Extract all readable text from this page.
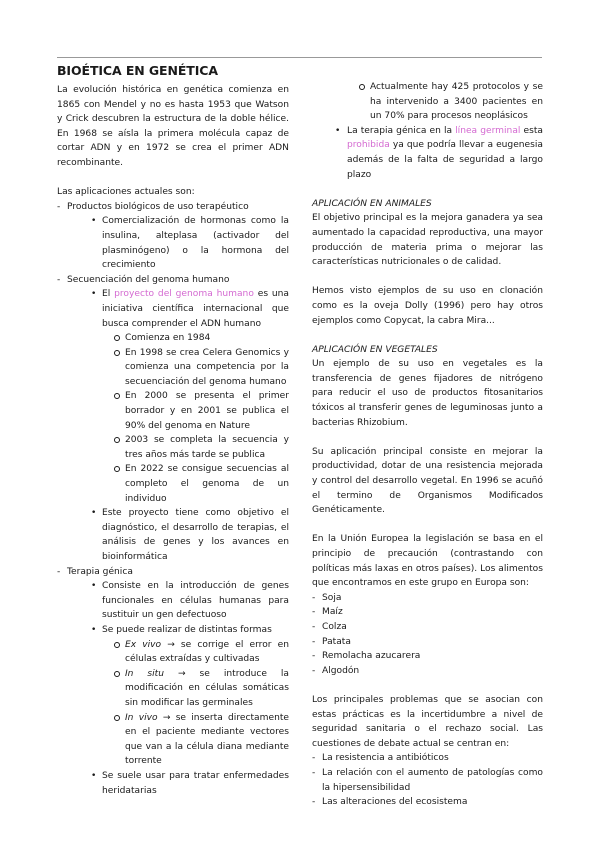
BIOÉTICA EN GENÉTICA

La evolución histórica en genética comienza en 1865 con Mendel y no es hasta 1953 que Watson y Crick descubren la estructura de la doble hélice. En 1968 se aísla la primera molécula capaz de cortar ADN y en 1972 se crea el primer ADN recombinante.

Las aplicaciones actuales son:

- Productos biológicos de uso terapéutico
• Comercialización de hormonas como la insulina, alteplasa (activador del plasminógeno) o la hormona del crecimiento
- Secuenciación del genoma humano
• El proyecto del genoma humano es una iniciativa científica internacional que busca comprender el ADN humano
Comienza en 1984
En 1998 se crea Celera Genomics y comienza una competencia por la secuenciación del genoma humano
En 2000 se presenta el primer borrador y en 2001 se publica el 90% del genoma en Nature
2003 se completa la secuencia y tres años más tarde se publica
En 2022 se consigue secuencias al completo el genoma de un individuo
• Este proyecto tiene como objetivo el diagnóstico, el desarrollo de terapias, el análisis de genes y los avances en bioinformática
- Terapia génica
• Consiste en la introducción de genes funcionales en células humanas para sustituir un gen defectuoso
• Se puede realizar de distintas formas
Ex vivo → se corrige el error en células extraídas y cultivadas
In situ → se introduce la modificación en células somáticas sin modificar las germinales
In vivo → se inserta directamente en el paciente mediante vectores que van a la célula diana mediante torrente
• Se suele usar para tratar enfermedades heridatarias
Actualmente hay 425 protocolos y se ha intervenido a 3400 pacientes en un 70% para procesos neoplásicos
• La terapia génica en la línea germinal esta prohibida ya que podría llevar a eugenesia además de la falta de seguridad a largo plazo

APLICACIÓN EN ANIMALES

El objetivo principal es la mejora ganadera ya sea aumentado la capacidad reproductiva, una mayor producción de materia prima o mejorar las características nutricionales o de calidad.

Hemos visto ejemplos de su uso en clonación como es la oveja Dolly (1996) pero hay otros ejemplos como Copycat, la cabra Mira...

APLICACIÓN EN VEGETALES

Un ejemplo de su uso en vegetales es la transferencia de genes fijadores de nitrógeno para reducir el uso de productos fitosanitarios tóxicos al transferir genes de leguminosas junto a bacterias Rhizobium.

Su aplicación principal consiste en mejorar la productividad, dotar de una resistencia mejorada y control del desarrollo vegetal. En 1996 se acuñó el termino de Organismos Modificados Genéticamente.

En la Unión Europea la legislación se basa en el principio de precaución (contrastando con políticas más laxas en otros países). Los alimentos que encontramos en este grupo en Europa son:

- Soja
- Maíz
- Colza
- Patata
- Remolacha azucarera
- Algodón

Los principales problemas que se asocian con estas prácticas es la incertidumbre a nivel de seguridad sanitaria o el rechazo social. Las cuestiones de debate actual se centran en:

- La resistencia a antibióticos
- La relación con el aumento de patologías como la hipersensibilidad
- Las alteraciones del ecosistema
